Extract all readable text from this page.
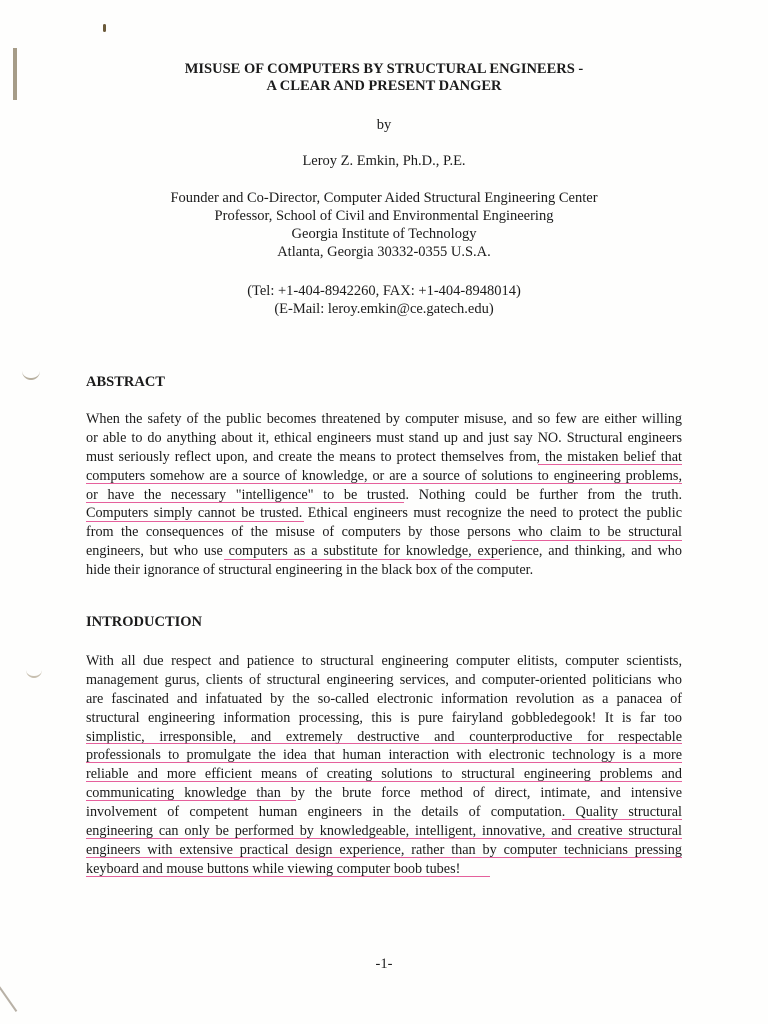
MISUSE OF COMPUTERS BY STRUCTURAL ENGINEERS -
A CLEAR AND PRESENT DANGER
by
Leroy Z. Emkin, Ph.D., P.E.
Founder and Co-Director, Computer Aided Structural Engineering Center
Professor, School of Civil and Environmental Engineering
Georgia Institute of Technology
Atlanta, Georgia 30332-0355 U.S.A.
(Tel: +1-404-8942260, FAX: +1-404-8948014)
(E-Mail: leroy.emkin@ce.gatech.edu)
ABSTRACT
When the safety of the public becomes threatened by computer misuse, and so few are either willing
or able to do anything about it, ethical engineers must stand up and just say NO. Structural engineers
must seriously reflect upon, and create the means to protect themselves from, the mistaken belief that
computers somehow are a source of knowledge, or are a source of solutions to engineering problems,
or have the necessary "intelligence" to be trusted. Nothing could be further from the truth.
Computers simply cannot be trusted. Ethical engineers must recognize the need to protect the public
from the consequences of the misuse of computers by those persons who claim to be structural
engineers, but who use computers as a substitute for knowledge, experience, and thinking, and who
hide their ignorance of structural engineering in the black box of the computer.
INTRODUCTION
With all due respect and patience to structural engineering computer elitists, computer scientists,
management gurus, clients of structural engineering services, and computer-oriented politicians who
are fascinated and infatuated by the so-called electronic information revolution as a panacea of
structural engineering information processing, this is pure fairyland gobbledegook! It is far too
simplistic, irresponsible, and extremely destructive and counterproductive for respectable
professionals to promulgate the idea that human interaction with electronic technology is a more
reliable and more efficient means of creating solutions to structural engineering problems and
communicating knowledge than by the brute force method of direct, intimate, and intensive
involvement of competent human engineers in the details of computation. Quality structural
engineering can only be performed by knowledgeable, intelligent, innovative, and creative structural
engineers with extensive practical design experience, rather than by computer technicians pressing
keyboard and mouse buttons while viewing computer boob tubes!
-1-
